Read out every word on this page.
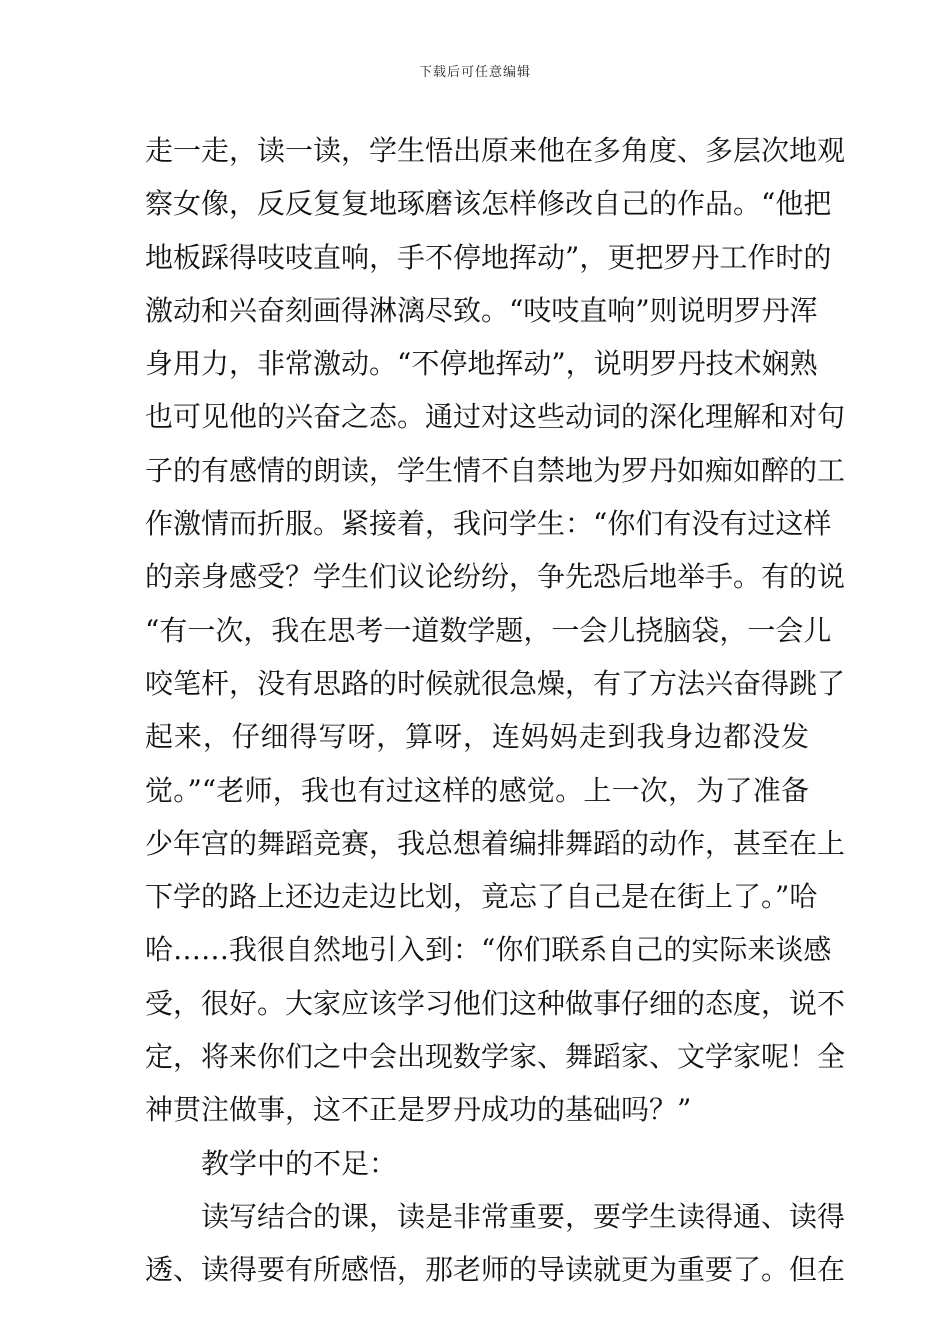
下载后可任意编辑
走一走，读一读，学生悟出原来他在多角度、多层次地观
察女像，反反复复地琢磨该怎样修改自己的作品。“他把
地板踩得吱吱直响，手不停地挥动”，更把罗丹工作时的
激动和兴奋刻画得淋漓尽致。“吱吱直响”则说明罗丹浑
身用力，非常激动。“不停地挥动”，说明罗丹技术娴熟
也可见他的兴奋之态。通过对这些动词的深化理解和对句
子的有感情的朗读，学生情不自禁地为罗丹如痴如醉的工
作激情而折服。紧接着，我问学生：“你们有没有过这样
的亲身感受？学生们议论纷纷，争先恐后地举手。有的说
“有一次，我在思考一道数学题，一会儿挠脑袋，一会儿
咬笔杆，没有思路的时候就很急燥，有了方法兴奋得跳了
起来，仔细得写呀，算呀，连妈妈走到我身边都没发
觉。”“老师，我也有过这样的感觉。上一次，为了准备
少年宫的舞蹈竞赛，我总想着编排舞蹈的动作，甚至在上
下学的路上还边走边比划，竟忘了自己是在街上了。”哈
哈……我很自然地引入到：“你们联系自己的实际来谈感
受，很好。大家应该学习他们这种做事仔细的态度，说不
定，将来你们之中会出现数学家、舞蹈家、文学家呢！全
神贯注做事，这不正是罗丹成功的基础吗？”
教学中的不足：
读写结合的课，读是非常重要，要学生读得通、读得
透、读得要有所感悟，那老师的导读就更为重要了。但在
